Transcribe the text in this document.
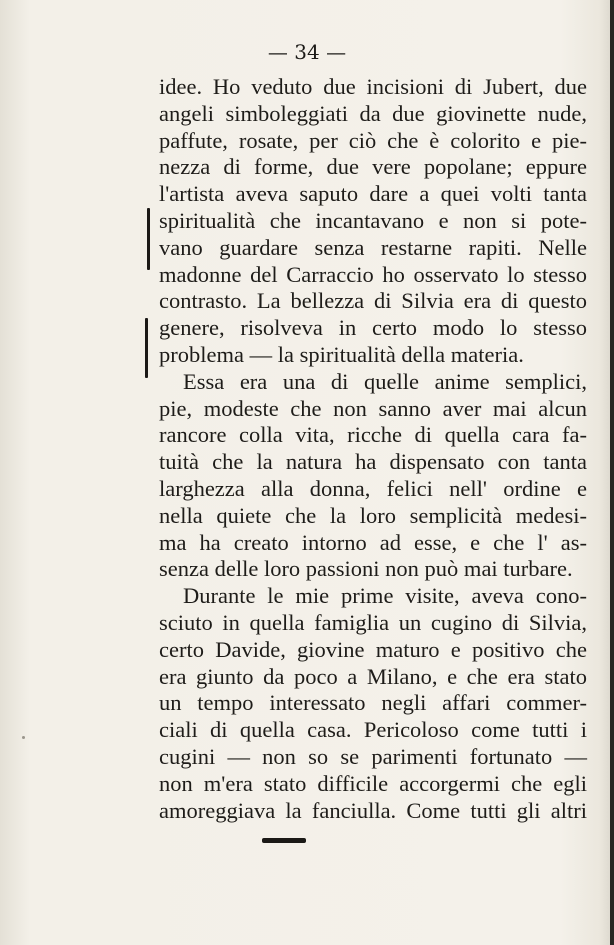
— 34 —
idee. Ho veduto due incisioni di Jubert, due
angeli simboleggiati da due giovinette nude,
paffute, rosate, per ciò che è colorito e pie-
nezza di forme, due vere popolane; eppure
l'artista aveva saputo dare a quei volti tanta
spiritualità che incantavano e non si pote-
vano guardare senza restarne rapiti. Nelle
madonne del Carraccio ho osservato lo stesso
contrasto. La bellezza di Silvia era di questo
genere, risolveva in certo modo lo stesso
problema — la spiritualità della materia.
Essa era una di quelle anime semplici,
pie, modeste che non sanno aver mai alcun
rancore colla vita, ricche di quella cara fa-
tuità che la natura ha dispensato con tanta
larghezza alla donna, felici nell' ordine e
nella quiete che la loro semplicità medesi-
ma ha creato intorno ad esse, e che l' as-
senza delle loro passioni non può mai turbare.
Durante le mie prime visite, aveva cono-
sciuto in quella famiglia un cugino di Silvia,
certo Davide, giovine maturo e positivo che
era giunto da poco a Milano, e che era stato
un tempo interessato negli affari commer-
ciali di quella casa. Pericoloso come tutti i
cugini — non so se parimenti fortunato —
non m'era stato difficile accorgermi che egli
amoreggiava la fanciulla. Come tutti gli altri
